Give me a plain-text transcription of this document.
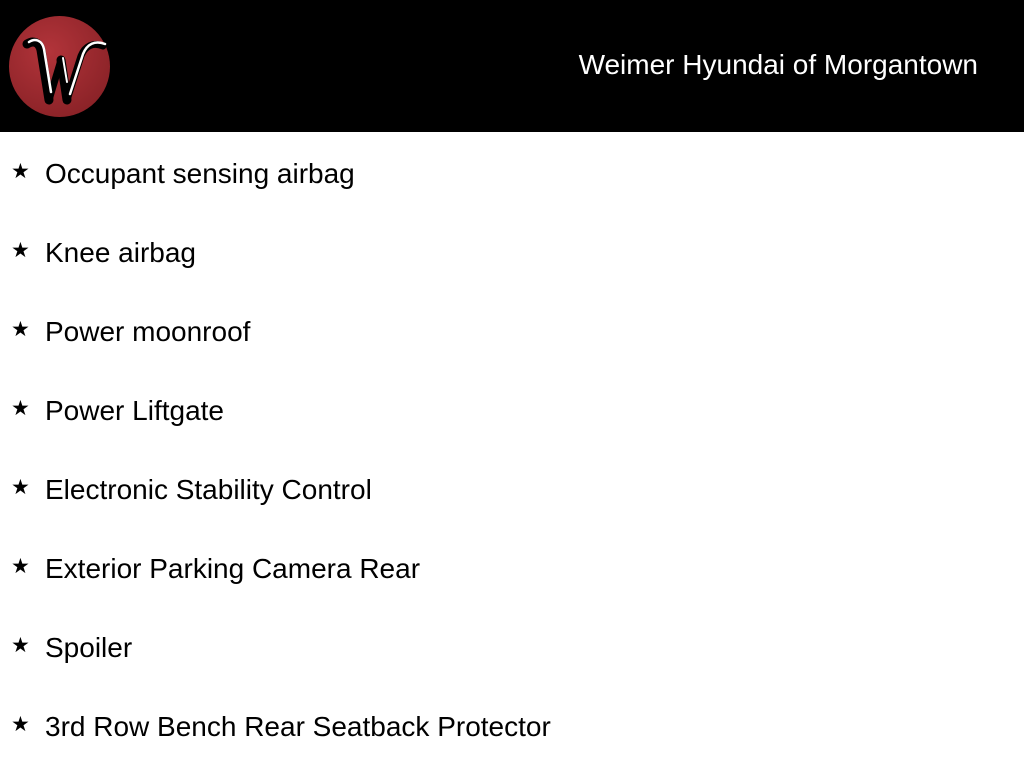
Weimer Hyundai of Morgantown
★ Occupant sensing airbag
★ Knee airbag
★ Power moonroof
★ Power Liftgate
★ Electronic Stability Control
★ Exterior Parking Camera Rear
★ Spoiler
★ 3rd Row Bench Rear Seatback Protector
